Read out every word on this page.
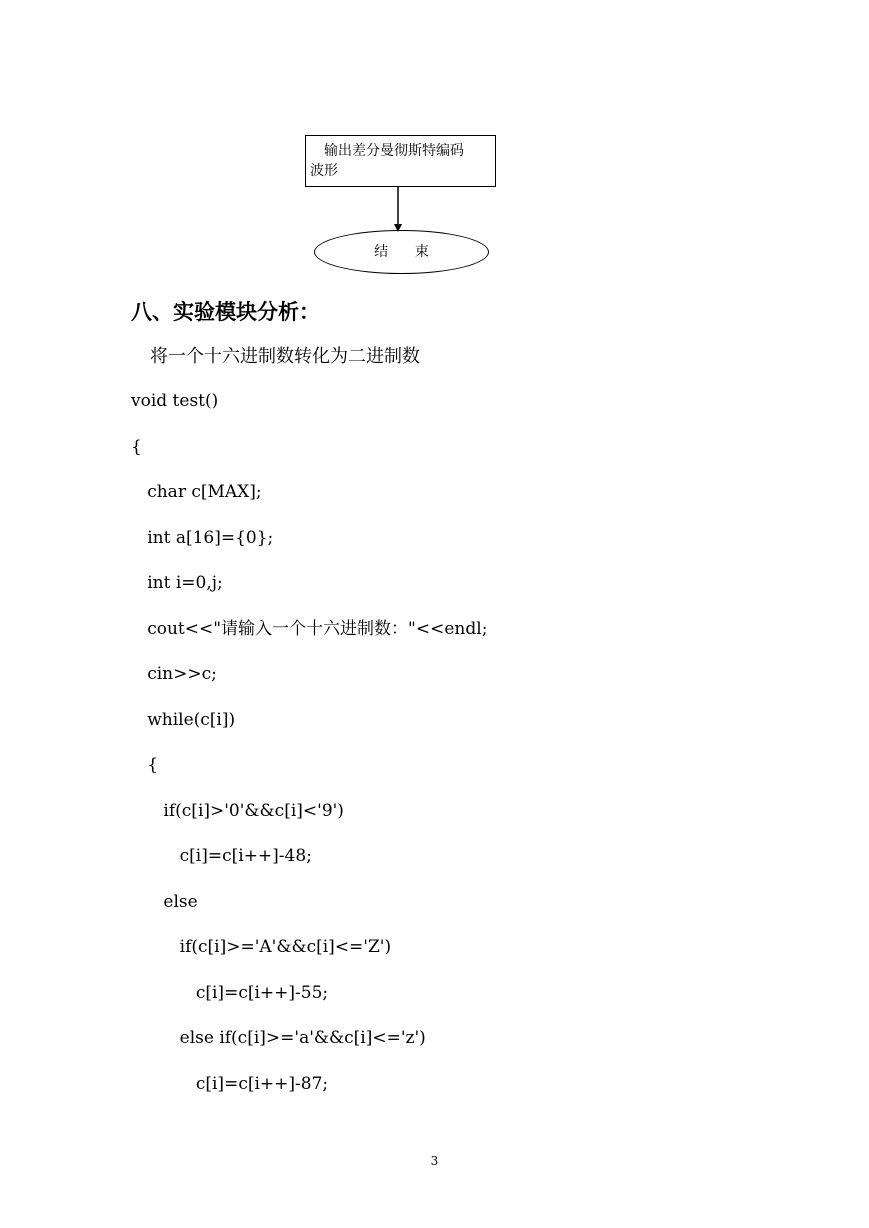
输出差分曼彻斯特编码
波形
结      束
八、实验模块分析：
将一个十六进制数转化为二进制数
void test()
{
char c[MAX];
int a[16]={0};
int i=0,j;
cout<<"请输入一个十六进制数："<<endl;
cin>>c;
while(c[i])
{
if(c[i]>'0'&&c[i]<'9')
c[i]=c[i++]-48;
else
if(c[i]>='A'&&c[i]<='Z')
c[i]=c[i++]-55;
else if(c[i]>='a'&&c[i]<='z')
c[i]=c[i++]-87;
3
